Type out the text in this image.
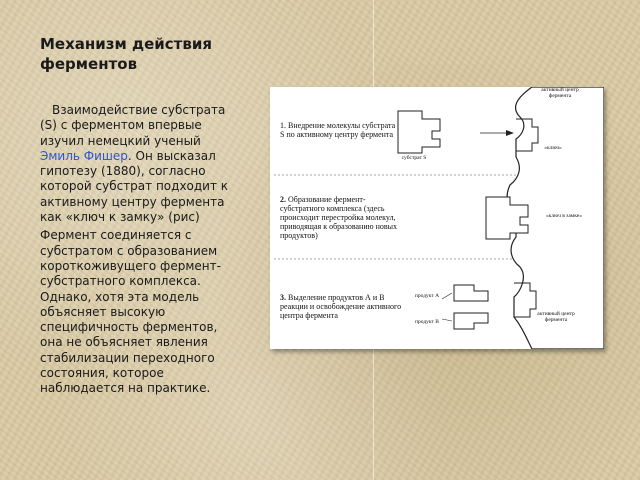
Механизм действия ферментов

Взаимодействие субстрата (S) с ферментом впервые изучил немецкий ученый Эмиль Фишер. Он высказал гипотезу (1880), согласно которой субстрат подходит к активному центру фермента как «ключ к замку» (рис)

Фермент соединяется с субстратом с образованием короткоживущего фермент-субстратного комплекса. Однако, хотя эта модель объясняет высокую специфичность ферментов, она не объясняет явления стабилизации переходного состояния, которое наблюдается на практике.

1. Внедрение молекулы субстрата S по активному центру фермента
2. Образование фермент-субстратного комплекса (здесь происходит перестройка молекул, приводящая к образованию новых продуктов)
3. Выделение продуктов А и В реакции и освобождение активного центра фермента
активный центр фермента
субстрат S
«ключ»
«ключ в замке»
продукт А
продукт В
активный центр фермента
